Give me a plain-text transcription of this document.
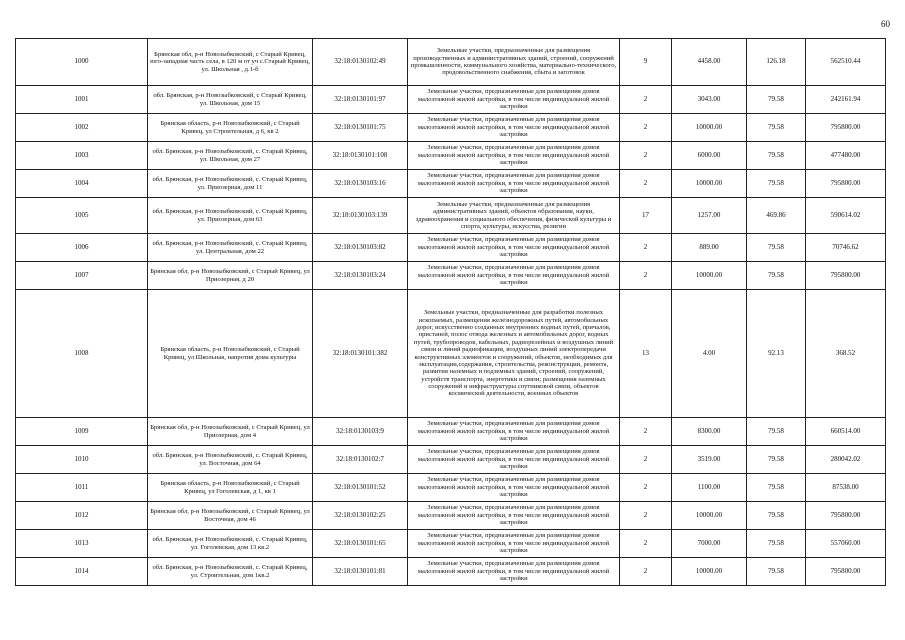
60
1000	Брянская обл, р-н Новозыбковский, с Старый Кривец, юго-западная часть села, в 120 м от уч с.Старый Кривец, ул. Школьная , д.1-б	32:18:0130102:49	Земельные участки, предназначенные для размещения производственных и административных зданий, строений, сооружений промышленности, коммунального хозяйства, материально-технического, продовольственного снабжения, сбыта и заготовок	9	4458.00	126.18	562510.44
1001	обл. Брянская, р-н Новозыбковский, с Старый Кривец, ул. Школьная, дом 15	32:18:0130101:97	Земельные участки, предназначенные для размещения домов малоэтажной жилой застройки, в том числе индивидуальной жилой застройки	2	3043.00	79.58	242161.94
1002	Брянская область, р-н Новозыбковский, с Старый Кривец, ул Строительная, д 6, кв 2	32:18:0130101:75	Земельные участки, предназначенные для размещения домов малоэтажной жилой застройки, в том числе индивидуальной жилой застройки	2	10000.00	79.58	795800.00
1003	обл. Брянская, р-н Новозыбковский, с. Старый Кривец, ул. Школьная, дом 27	32:18:0130101:108	Земельные участки, предназначенные для размещения домов малоэтажной жилой застройки, в том числе индивидуальной жилой застройки	2	6000.00	79.58	477480.00
1004	обл. Брянская, р-н Новозыбковский, с. Старый Кривец, ул. Приозерная, дом 11	32:18:0130103:16	Земельные участки, предназначенные для размещения домов малоэтажной жилой застройки, в том числе индивидуальной жилой застройки	2	10000.00	79.58	795800.00
1005	обл. Брянская, р-н Новозыбковский, с. Старый Кривец, ул. Приозерная, дом 63	32:18:0130103:139	Земельные участки, предназначенные для размещения административных зданий, объектов образования, науки, здравоохранения и социального обеспечения, физической культуры и спорта, культуры, искусства, религии	17	1257.00	469.86	590614.02
1006	обл. Брянская, р-н Новозыбковский, с. Старый Кривец, ул. Центральная, дом 22	32:18:0130103:82	Земельные участки, предназначенные для размещения домов малоэтажной жилой застройки, в том числе индивидуальной жилой застройки	2	889.00	79.58	70746.62
1007	Брянская обл, р-н Новозыбковский, с Старый Кривец, ул Приозерная, д 20	32:18:0130103:24	Земельные участки, предназначенные для размещения домов малоэтажной жилой застройки, в том числе индивидуальной жилой застройки	2	10000.00	79.58	795800.00
1008	Брянская область, р-н Новозыбковский, с Старый Кривец, ул Школьная, напротив дома культуры	32:18:0130101:382	Земельные участки, предназначенные для разработки полезных ископаемых, размещения железнодорожных путей, автомобильных дорог, искусственно созданных внутренних водных путей, причалов, пристаней, полос отвода железных и автомобильных дорог, водных путей, трубопроводов, кабельных, радиорелейных и воздушных линий связи и линий радиофикации, воздушных линий электропередачи конструктивных элементов и сооружений, объектов, необходимых для эксплуатации,содержания, строительства, реконструкции, ремонта, развития наземных и подземных зданий, строений, сооружений, устройств транспорта, энергетики и связи; размещения наземных сооружений и инфраструктуры спутниковой связи, объектов космической деятельности, военных объектов	13	4.00	92.13	368.52
1009	Брянская обл, р-н Новозыбковский, с Старый Кривец, ул Приозерная, дом 4	32:18:0130103:9	Земельные участки, предназначенные для размещения домов малоэтажной жилой застройки, в том числе индивидуальной жилой застройки	2	8300.00	79.58	660514.00
1010	обл. Брянская, р-н Новозыбковский, с. Старый Кривец, ул. Восточная, дом 64	32:18:0130102:7	Земельные участки, предназначенные для размещения домов малоэтажной жилой застройки, в том числе индивидуальной жилой застройки	2	3519.00	79.58	280042.02
1011	Брянская область, р-н Новозыбковский, с Старый Кривец, ул Гоголевская, д 1, кв 1	32:18:0130101:52	Земельные участки, предназначенные для размещения домов малоэтажной жилой застройки, в том числе индивидуальной жилой застройки	2	1100.00	79.58	87538.00
1012	Брянская обл, р-н Новозыбковский, с Старый Кривец, ул Восточная, дом 46	32:18:0130102:25	Земельные участки, предназначенные для размещения домов малоэтажной жилой застройки, в том числе индивидуальной жилой застройки	2	10000.00	79.58	795800.00
1013	обл. Брянская, р-н Новозыбковский, с. Старый Кривец, ул. Гоголевская, дом 13 кв.2	32:18:0130101:65	Земельные участки, предназначенные для размещения домов малоэтажной жилой застройки, в том числе индивидуальной жилой застройки	2	7000.00	79.58	557060.00
1014	обл. Брянская, р-н Новозыбковский, с. Старый Кривец, ул. Строительная, дом 1кв.2	32:18:0130101:81	Земельные участки, предназначенные для размещения домов малоэтажной жилой застройки, в том числе индивидуальной жилой застройки	2	10000.00	79.58	795800.00
